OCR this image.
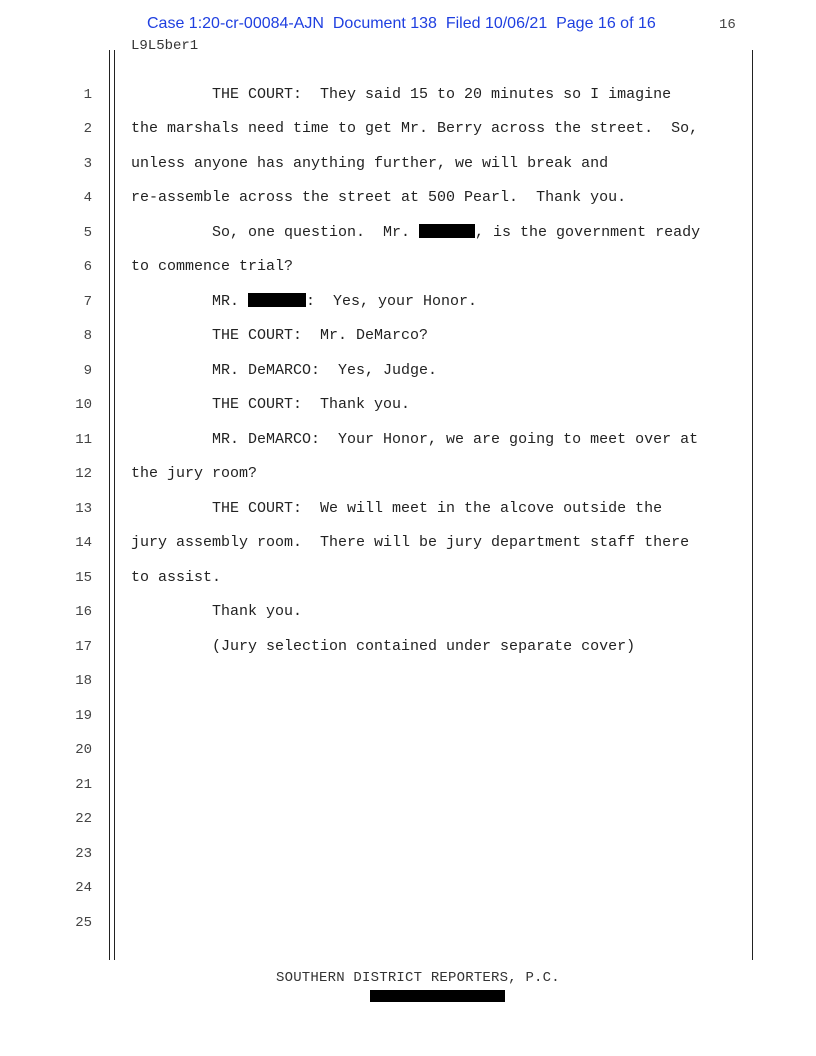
Case 1:20-cr-00084-AJN Document 138 Filed 10/06/21 Page 16 of 16	16
L9L5ber1
1
2
3
4
5
6
7
8
9
10
11
12
13
14
15
16
17
18
19
20
21
22
23
24
25
THE COURT:  They said 15 to 20 minutes so I imagine
the marshals need time to get Mr. Berry across the street.  So,
unless anyone has anything further, we will break and
re-assemble across the street at 500 Pearl.  Thank you.
So, one question.  Mr.	, is the government ready
to commence trial?
MR.	:  Yes, your Honor.
THE COURT:  Mr. DeMarco?
MR. DeMARCO:  Yes, Judge.
THE COURT:  Thank you.
MR. DeMARCO:  Your Honor, we are going to meet over at
the jury room?
THE COURT:  We will meet in the alcove outside the
jury assembly room.  There will be jury department staff there
to assist.
Thank you.
(Jury selection contained under separate cover)
SOUTHERN DISTRICT REPORTERS, P.C.
